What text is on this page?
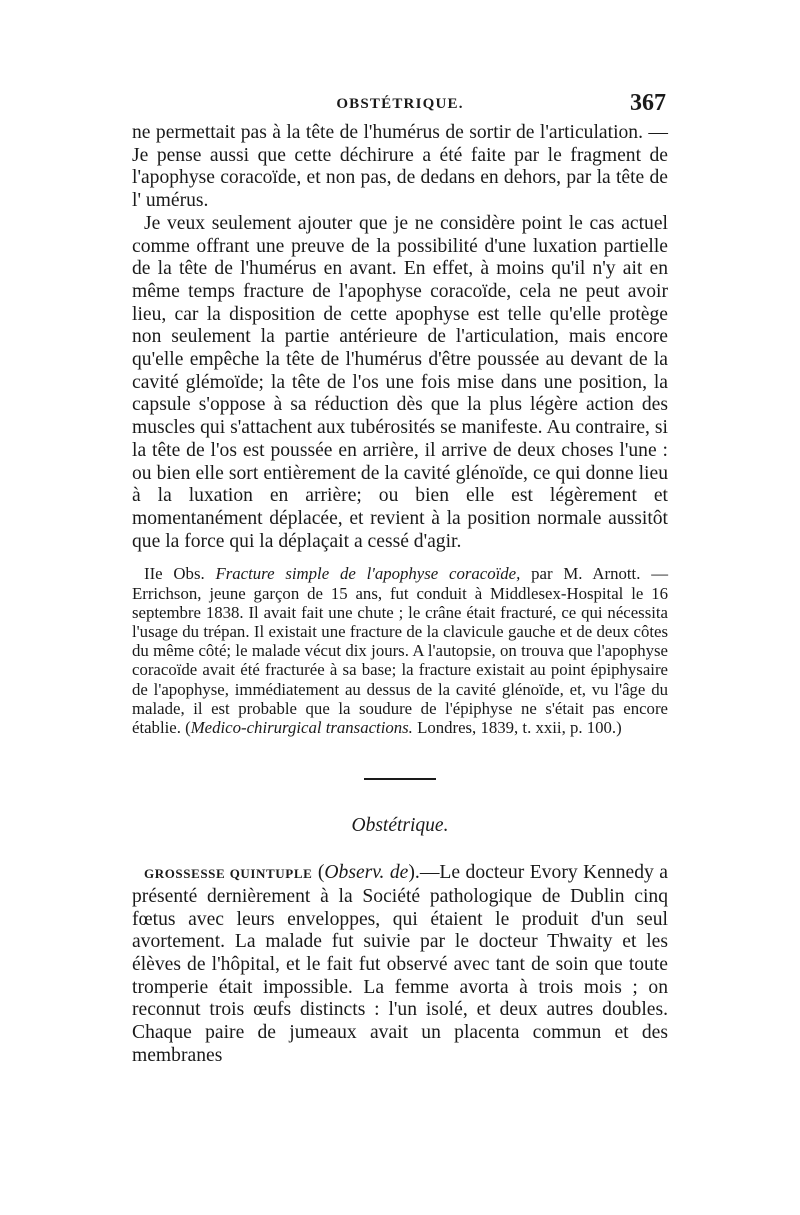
OBSTÉTRIQUE.	367

ne permettait pas à la tête de l'humérus de sortir de l'articulation. — Je pense aussi que cette déchirure a été faite par le fragment de l'apophyse coracoïde, et non pas, de dedans en dehors, par la tête de l' umérus.

Je veux seulement ajouter que je ne considère point le cas actuel comme offrant une preuve de la possibilité d'une luxation partielle de la tête de l'humérus en avant. En effet, à moins qu'il n'y ait en même temps fracture de l'apophyse coracoïde, cela ne peut avoir lieu, car la disposition de cette apophyse est telle qu'elle protège non seulement la partie antérieure de l'articulation, mais encore qu'elle empêche la tête de l'humérus d'être poussée au devant de la cavité glémoïde; la tête de l'os une fois mise dans une position, la capsule s'oppose à sa réduction dès que la plus légère action des muscles qui s'attachent aux tubérosités se manifeste. Au contraire, si la tête de l'os est poussée en arrière, il arrive de deux choses l'une : ou bien elle sort entièrement de la cavité glénoïde, ce qui donne lieu à la luxation en arrière; ou bien elle est légèrement et momentanément déplacée, et revient à la position normale aussitôt que la force qui la déplaçait a cessé d'agir.

IIe Obs. Fracture simple de l'apophyse coracoïde, par M. Arnott. — Errichson, jeune garçon de 15 ans, fut conduit à Middlesex-Hospital le 16 septembre 1838. Il avait fait une chute ; le crâne était fracturé, ce qui nécessita l'usage du trépan. Il existait une fracture de la clavicule gauche et de deux côtes du même côté; le malade vécut dix jours. A l'autopsie, on trouva que l'apophyse coracoïde avait été fracturée à sa base; la fracture existait au point épiphysaire de l'apophyse, immédiatement au dessus de la cavité glénoïde, et, vu l'âge du malade, il est probable que la soudure de l'épiphyse ne s'était pas encore établie. (Medico-chirurgical transactions. Londres, 1839, t. xxii, p. 100.)

Obstétrique.

GROSSESSE QUINTUPLE (Observ. de).—Le docteur Evory Kennedy a présenté dernièrement à la Société pathologique de Dublin cinq fœtus avec leurs enveloppes, qui étaient le produit d'un seul avortement. La malade fut suivie par le docteur Thwaity et les élèves de l'hôpital, et le fait fut observé avec tant de soin que toute tromperie était impossible. La femme avorta à trois mois ; on reconnut trois œufs distincts : l'un isolé, et deux autres doubles. Chaque paire de jumeaux avait un placenta commun et des membranes
